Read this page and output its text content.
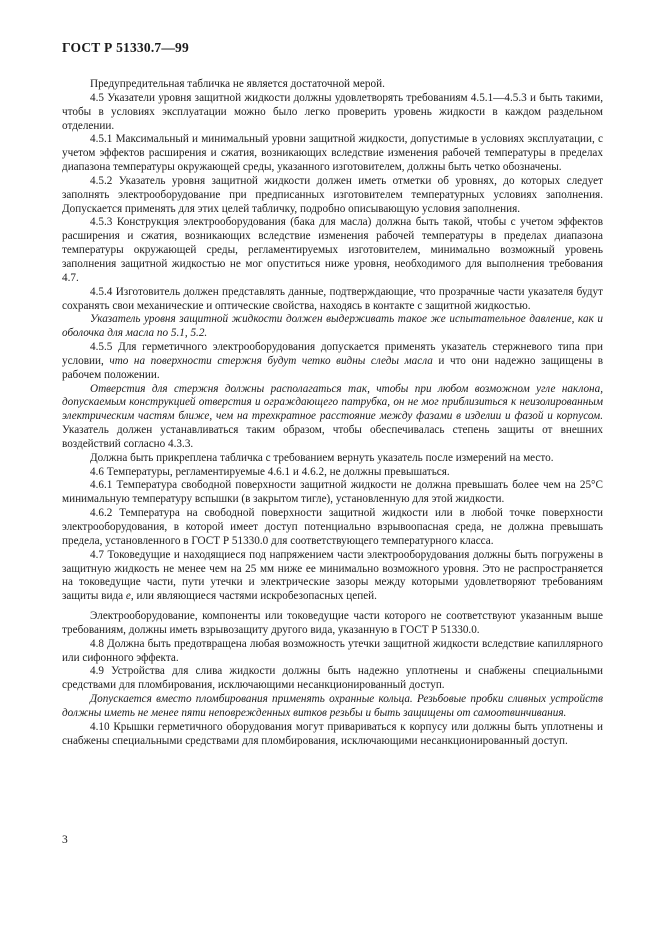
ГОСТ Р 51330.7—99

Предупредительная табличка не является достаточной мерой.

4.5 Указатели уровня защитной жидкости должны удовлетворять требованиям 4.5.1—4.5.3 и быть такими, чтобы в условиях эксплуатации можно было легко проверить уровень жидкости в каждом раздельном отделении.

4.5.1 Максимальный и минимальный уровни защитной жидкости, допустимые в условиях эксплуатации, с учетом эффектов расширения и сжатия, возникающих вследствие изменения рабочей температуры в пределах диапазона температуры окружающей среды, указанного изготовителем, должны быть четко обозначены.

4.5.2 Указатель уровня защитной жидкости должен иметь отметки об уровнях, до которых следует заполнять электрооборудование при предписанных изготовителем температурных условиях заполнения. Допускается применять для этих целей табличку, подробно описывающую условия заполнения.

4.5.3 Конструкция электрооборудования (бака для масла) должна быть такой, чтобы с учетом эффектов расширения и сжатия, возникающих вследствие изменения рабочей температуры в пределах диапазона температуры окружающей среды, регламентируемых изготовителем, минимально возможный уровень заполнения защитной жидкостью не мог опуститься ниже уровня, необходимого для выполнения требования 4.7.

4.5.4 Изготовитель должен представлять данные, подтверждающие, что прозрачные части указателя будут сохранять свои механические и оптические свойства, находясь в контакте с защитной жидкостью.

Указатель уровня защитной жидкости должен выдерживать такое же испытательное давление, как и оболочка для масла по 5.1, 5.2.

4.5.5 Для герметичного электрооборудования допускается применять указатель стержневого типа при условии, что на поверхности стержня будут четко видны следы масла и что они надежно защищены в рабочем положении.

Отверстия для стержня должны располагаться так, чтобы при любом возможном угле наклона, допускаемым конструкцией отверстия и ограждающего патрубка, он не мог приблизиться к неизолированным электрическим частям ближе, чем на трехкратное расстояние между фазами в изделии и фазой и корпусом. Указатель должен устанавливаться таким образом, чтобы обеспечивалась степень защиты от внешних воздействий согласно 4.3.3.

Должна быть прикреплена табличка с требованием вернуть указатель после измерений на место.

4.6 Температуры, регламентируемые 4.6.1 и 4.6.2, не должны превышаться.

4.6.1 Температура свободной поверхности защитной жидкости не должна превышать более чем на 25°С минимальную температуру вспышки (в закрытом тигле), установленную для этой жидкости.

4.6.2 Температура на свободной поверхности защитной жидкости или в любой точке поверхности электрооборудования, в которой имеет доступ потенциально взрывоопасная среда, не должна превышать предела, установленного в ГОСТ Р 51330.0 для соответствующего температурного класса.

4.7 Токоведущие и находящиеся под напряжением части электрооборудования должны быть погружены в защитную жидкость не менее чем на 25 мм ниже ее минимально возможного уровня. Это не распространяется на токоведущие части, пути утечки и электрические зазоры между которыми удовлетворяют требованиям защиты вида е, или являющиеся частями искробезопасных цепей.

Электрооборудование, компоненты или токоведущие части которого не соответствуют указанным выше требованиям, должны иметь взрывозащиту другого вида, указанную в ГОСТ Р 51330.0.

4.8 Должна быть предотвращена любая возможность утечки защитной жидкости вследствие капиллярного или сифонного эффекта.

4.9 Устройства для слива жидкости должны быть надежно уплотнены и снабжены специальными средствами для пломбирования, исключающими несанкционированный доступ.

Допускается вместо пломбирования применять охранные кольца. Резьбовые пробки сливных устройств должны иметь не менее пяти неповрежденных витков резьбы и быть защищены от самоотвинчивания.

4.10 Крышки герметичного оборудования могут привариваться к корпусу или должны быть уплотнены и снабжены специальными средствами для пломбирования, исключающими несанкционированный доступ.

3
